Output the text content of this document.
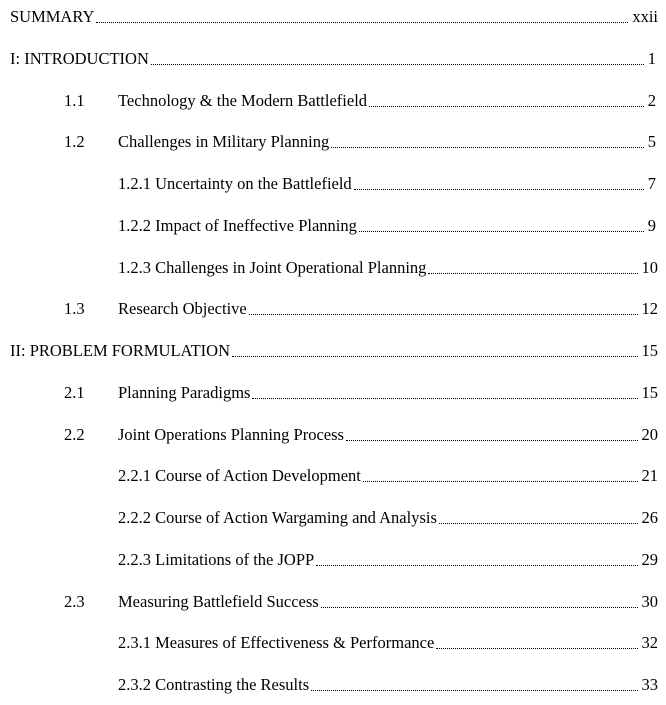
SUMMARY	xxii
I: INTRODUCTION	1
1.1 Technology & the Modern Battlefield	2
1.2 Challenges in Military Planning	5
1.2.1 Uncertainty on the Battlefield	7
1.2.2 Impact of Ineffective Planning	9
1.2.3 Challenges in Joint Operational Planning	10
1.3 Research Objective	12
II: PROBLEM FORMULATION	15
2.1 Planning Paradigms	15
2.2 Joint Operations Planning Process	20
2.2.1 Course of Action Development	21
2.2.2 Course of Action Wargaming and Analysis	26
2.2.3 Limitations of the JOPP	29
2.3 Measuring Battlefield Success	30
2.3.1 Measures of Effectiveness & Performance	32
2.3.2 Contrasting the Results	33
